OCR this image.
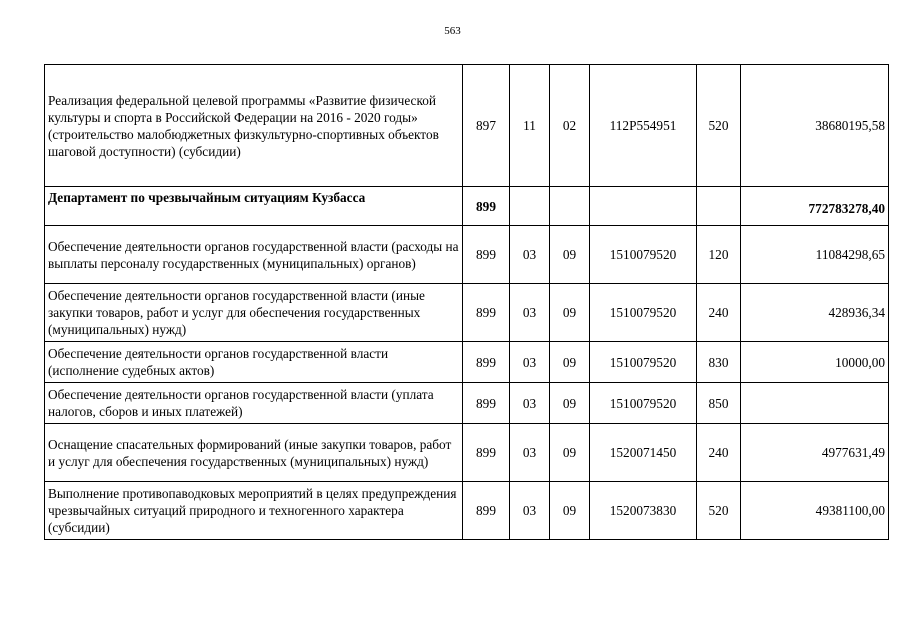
563
Реализация федеральной целевой программы «Развитие физической культуры и спорта в Российской Федерации на 2016 - 2020 годы» (строительство малобюджетных физкультурно-спортивных объектов шаговой доступности) (субсидии)	897	11	02	112P554951	520	38680195,58
Департамент по чрезвычайным ситуациям Кузбасса	899					772783278,40
Обеспечение деятельности органов государственной власти (расходы на выплаты персоналу государственных (муниципальных) органов)	899	03	09	1510079520	120	11084298,65
Обеспечение деятельности органов государственной власти (иные закупки товаров, работ и услуг для обеспечения государственных (муниципальных) нужд)	899	03	09	1510079520	240	428936,34
Обеспечение деятельности органов государственной власти (исполнение судебных актов)	899	03	09	1510079520	830	10000,00
Обеспечение деятельности органов государственной власти (уплата налогов, сборов и иных платежей)	899	03	09	1510079520	850	
Оснащение спасательных формирований (иные закупки товаров, работ и услуг для обеспечения государственных (муниципальных) нужд)	899	03	09	1520071450	240	4977631,49
Выполнение противопаводковых мероприятий в целях предупреждения чрезвычайных ситуаций природного и техногенного характера (субсидии)	899	03	09	1520073830	520	49381100,00
